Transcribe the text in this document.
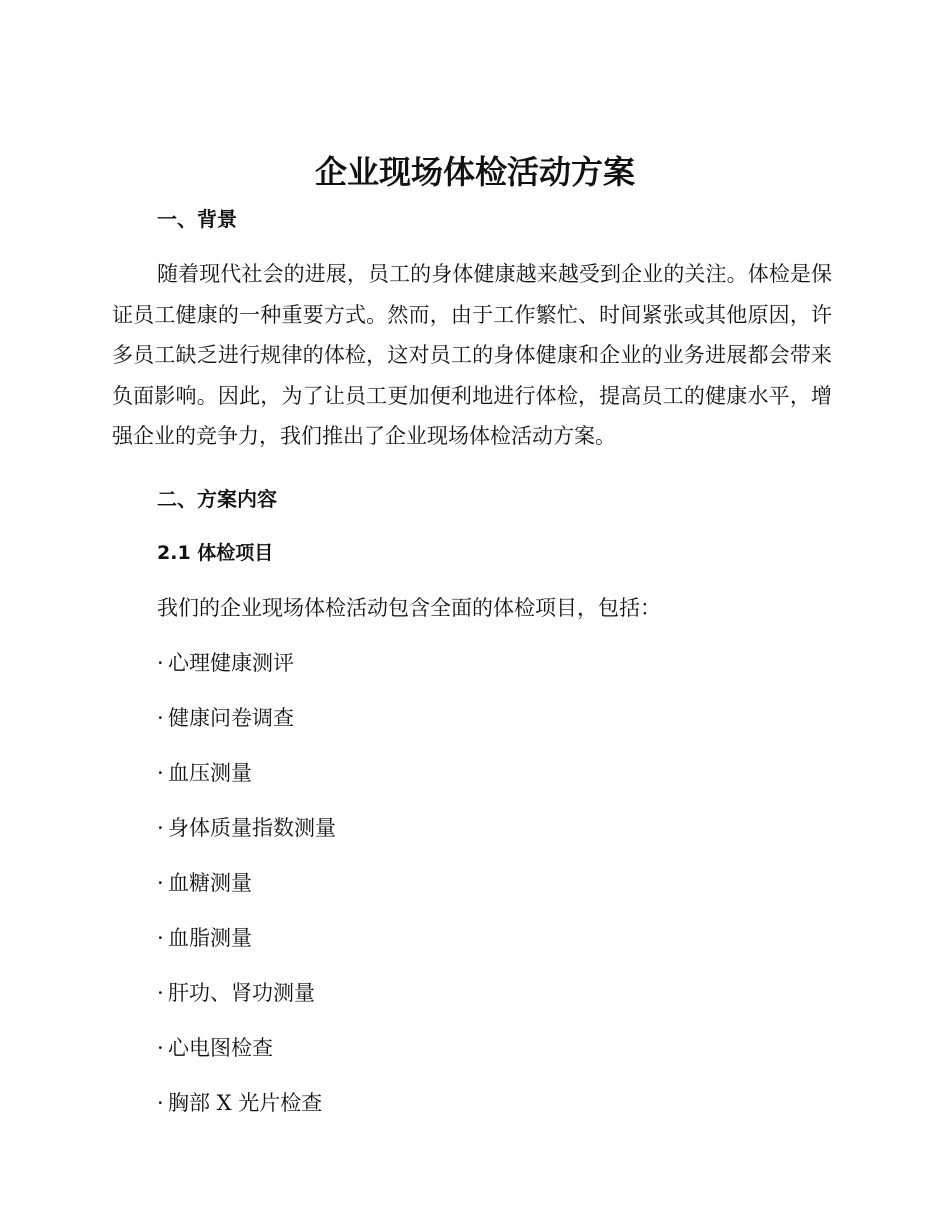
企业现场体检活动方案
一、背景

随着现代社会的进展，员工的身体健康越来越受到企业的关注。体检是保证员工健康的一种重要方式。然而，由于工作繁忙、时间紧张或其他原因，许多员工缺乏进行规律的体检，这对员工的身体健康和企业的业务进展都会带来负面影响。因此，为了让员工更加便利地进行体检，提高员工的健康水平，增强企业的竞争力，我们推出了企业现场体检活动方案。

二、方案内容
2.1 体检项目

我们的企业现场体检活动包含全面的体检项目，包括：

· 心理健康测评
· 健康问卷调查
· 血压测量
· 身体质量指数测量
· 血糖测量
· 血脂测量
· 肝功、肾功测量
· 心电图检查
· 胸部 X 光片检查
